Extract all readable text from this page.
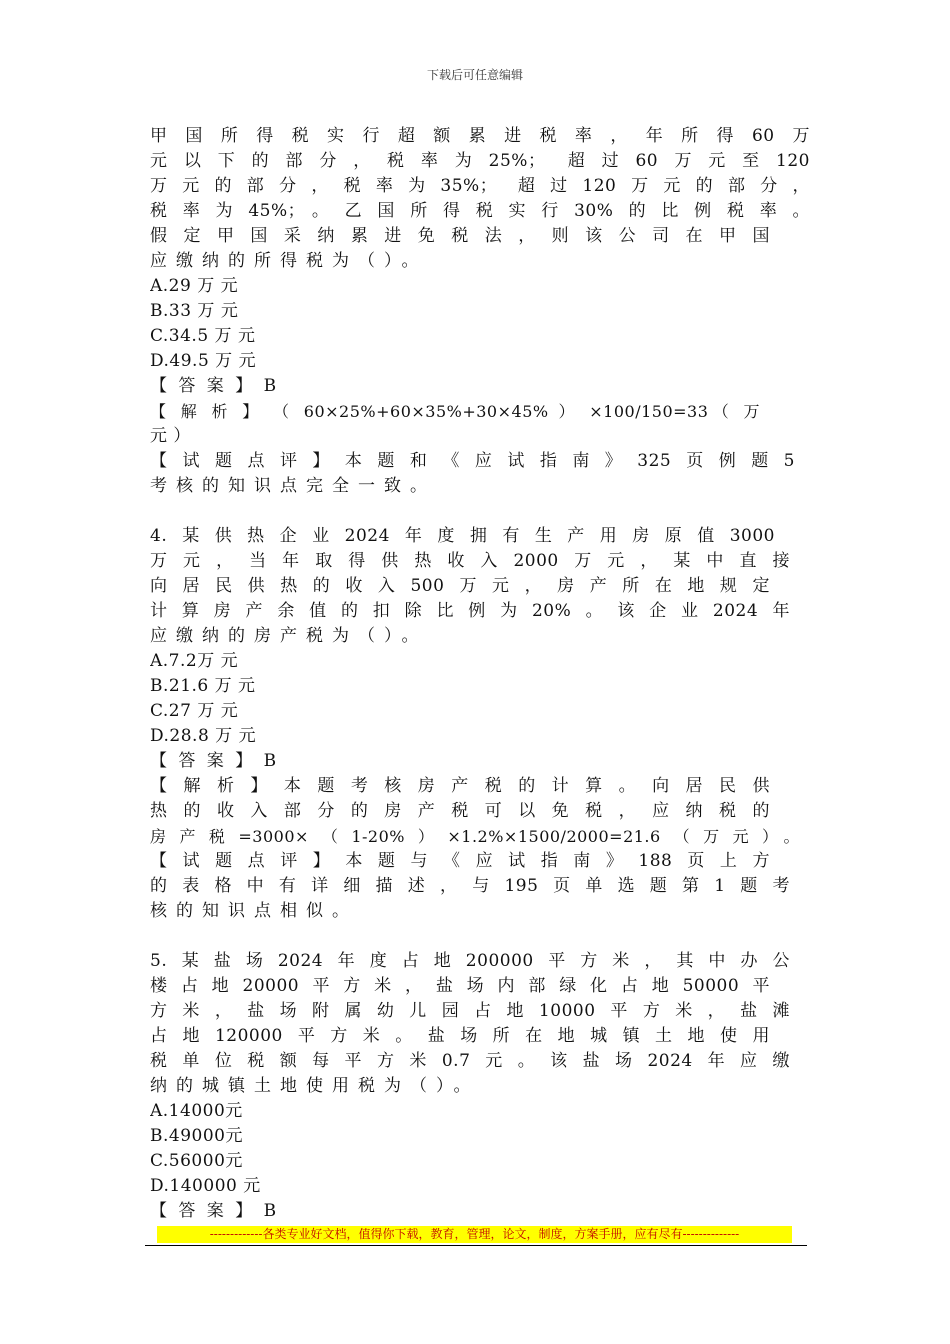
下载后可任意编辑
甲国所得税实行超额累进税率，年所得60万
元以下的部分，税率为25%； 超过60万元至120
万元的部分，税率为35%； 超过120万元的部分，
税率为45%；。乙国所得税实行30%的比例税率。
假定甲国采纳累进免税法，则该公司在甲国
应缴纳的所得税为（）。
A.29 万 元
B.33 万 元
C.34.5 万 元
D.49.5 万 元
【 答 案 】 B
【 解 析 】 （ 60×25%+60×35%+30×45% ） ×100/150=33（ 万
元 ）
【试题点评】本题和《应试指南》325页例题5
考核的知识点完全一致。
4.某供热企业2024年度拥有生产用房原值3000
万元，当年取得供热收入2000万元，某中直接
向居民供热的收入500万元，房产所在地规定
计算房产余值的扣除比例为20%。该企业2024年
应缴纳的房产税为（）。
A.7.2万 元
B.21.6 万 元
C.27 万 元
D.28.8 万 元
【 答 案 】 B
【解析】本题考核房产税的计算。向居民供
热的收入部分的房产税可以免税，应纳税的
房产税=3000×（1-20%）×1.2%×1500/2000=21.6（万元）。
【试题点评】本题与《应试指南》188页上方
的表格中有详细描述，与195页单选题第1题考
核的知识点相似。
5.某盐场2024年度占地200000平方米，其中办公
楼占地20000平方米，盐场内部绿化占地50000平
方米，盐场附属幼儿园占地10000平方米，盐滩
占地120000平方米。盐场所在地城镇土地使用
税单位税额每平方米0.7元。该盐场2024年应缴
纳的城镇土地使用税为（）。
A.14000元
B.49000元
C.56000元
D.140000 元
【 答 案 】 B
-------------各类专业好文档，值得你下载，教育，管理，论文，制度，方案手册，应有尽有--------------
